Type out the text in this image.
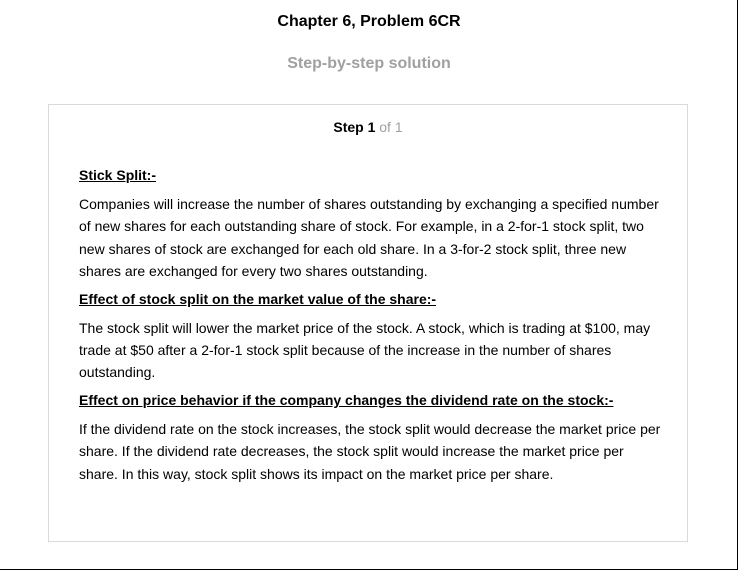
Chapter 6, Problem 6CR
Step-by-step solution
Step 1 of 1

Stick Split:-

Companies will increase the number of shares outstanding by exchanging a specified number of new shares for each outstanding share of stock. For example, in a 2-for-1 stock split, two new shares of stock are exchanged for each old share. In a 3-for-2 stock split, three new shares are exchanged for every two shares outstanding.

Effect of stock split on the market value of the share:-

The stock split will lower the market price of the stock. A stock, which is trading at $100, may trade at $50 after a 2-for-1 stock split because of the increase in the number of shares outstanding.

Effect on price behavior if the company changes the dividend rate on the stock:-

If the dividend rate on the stock increases, the stock split would decrease the market price per share. If the dividend rate decreases, the stock split would increase the market price per share. In this way, stock split shows its impact on the market price per share.
